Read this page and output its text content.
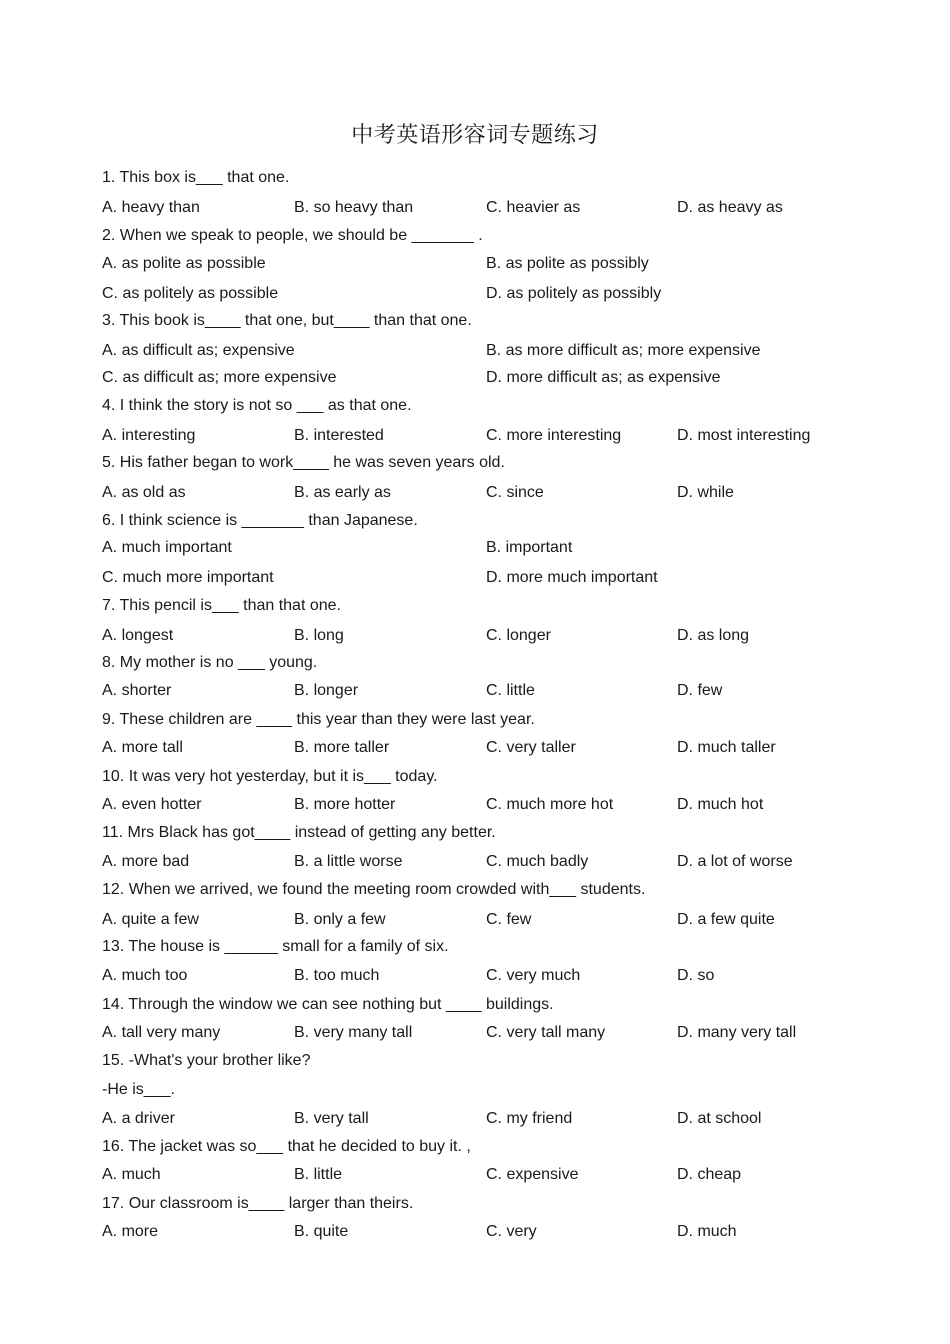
中考英语形容词专题练习
1. This box is___ that one.
A. heavy than	B. so heavy than	C. heavier as	D. as heavy as
2. When we speak to people, we should be _______ .
A. as polite as possible	B. as polite as possibly
C. as politely as possible	D. as politely as possibly
3. This book is____ that one, but____ than that one.
A. as difficult as; expensive	B. as more difficult as; more expensive
C. as difficult as; more expensive	D. more difficult as; as expensive
4. I think the story is not so ___ as that one.
A. interesting	B. interested	C. more interesting	D. most interesting
5. His father began to work____ he was seven years old.
A. as old as	B. as early as	C. since	D. while
6. I think science is _______ than Japanese.
A. much important	B. important
C. much more important	D. more much important
7. This pencil is___ than that one.
A. longest	B. long	C. longer	D. as long
8. My mother is no ___ young.
A. shorter	B. longer	C. little	D. few
9. These children are ____ this year than they were last year.
A. more tall	B. more taller	C. very taller	D. much taller
10. It was very hot yesterday, but it is___ today.
A. even hotter	B. more hotter	C. much more hot	D. much hot
11. Mrs Black has got____ instead of getting any better.
A. more bad	B. a little worse	C. much badly	D. a lot of worse
12. When we arrived, we found the meeting room crowded with___ students.
A. quite a few	B. only a few	C. few	D. a few quite
13. The house is ______ small for a family of six.
A. much too	B. too much	C. very much	D. so
14. Through the window we can see nothing but ____ buildings.
A. tall very many	B. very many tall	C. very tall many	D. many very tall
15. -What's your brother like?
-He is___.
A. a driver	B. very tall	C. my friend	D. at school
16. The jacket was so___ that he decided to buy it. ,
A. much	B. little	C. expensive	D. cheap
17. Our classroom is____ larger than theirs.
A. more	B. quite	C. very	D. much
